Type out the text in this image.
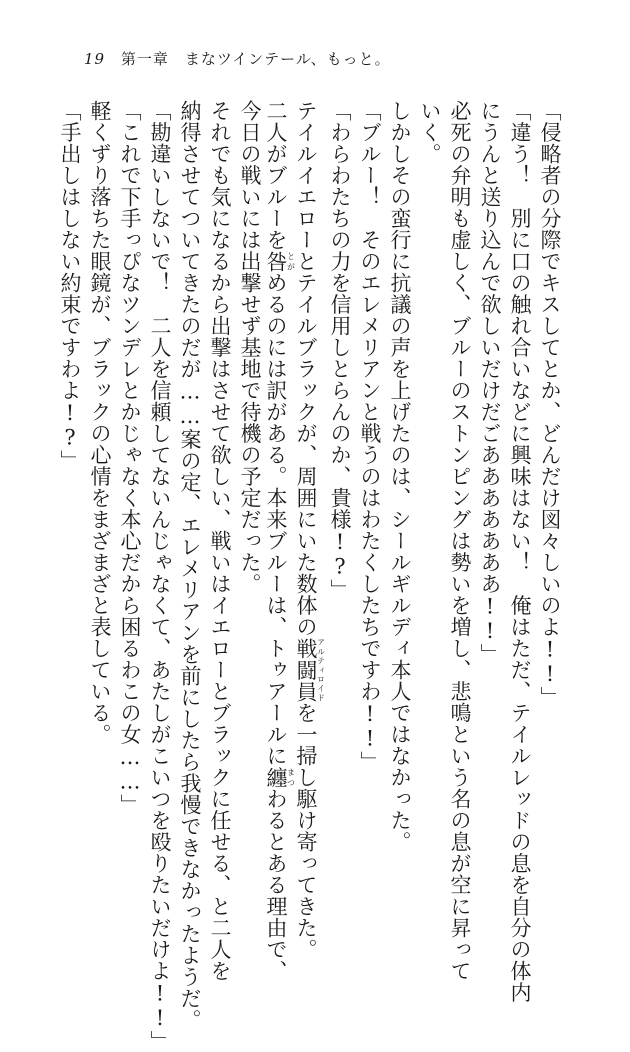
19 第一章　まなツインテール、もっと。
「侵略者の分際でキスしてとか、どんだけ図々しいのよ!!」
「違う！　別に口の触れ合いなどに興味はない！　俺はただ、テイルレッドの息を自分の体内
にうんと送り込んで欲しいだけだごあああああああ!!」
必死の弁明も虚しく、ブルーのストンピングは勢いを増し、悲鳴という名の息が空に昇って
いく。
しかしその蛮行に抗議の声を上げたのは、シールギルディ本人ではなかった。
「ブルー！　そのエレメリアンと戦うのはわたくしたちですわ!!」
「わらわたちの力を信用しとらんのか、貴様!?」
テイルイエローとテイルブラックが、周囲にいた数体の戦闘員アルティロイドを一掃し駆け寄ってきた。
二人がブルーを咎とがめるのには訳がある。本来ブルーは、トゥアールに纏まつわるとある理由で、
今日の戦いには出撃せず基地で待機の予定だった。
それでも気になるから出撃はさせて欲しい、戦いはイエローとブラックに任せる、と二人を
納得させてついてきたのだが……案の定、エレメリアンを前にしたら我慢できなかったようだ。
「勘違いしないで！　二人を信頼してないんじゃなくて、あたしがこいつを殴りたいだけよ!!」
「これで下手っぴなツンデレとかじゃなく本心だから困るわこの女……」
軽くずり落ちた眼鏡が、ブラックの心情をまざまざと表している。
「手出しはしない約束ですわよ!?」
